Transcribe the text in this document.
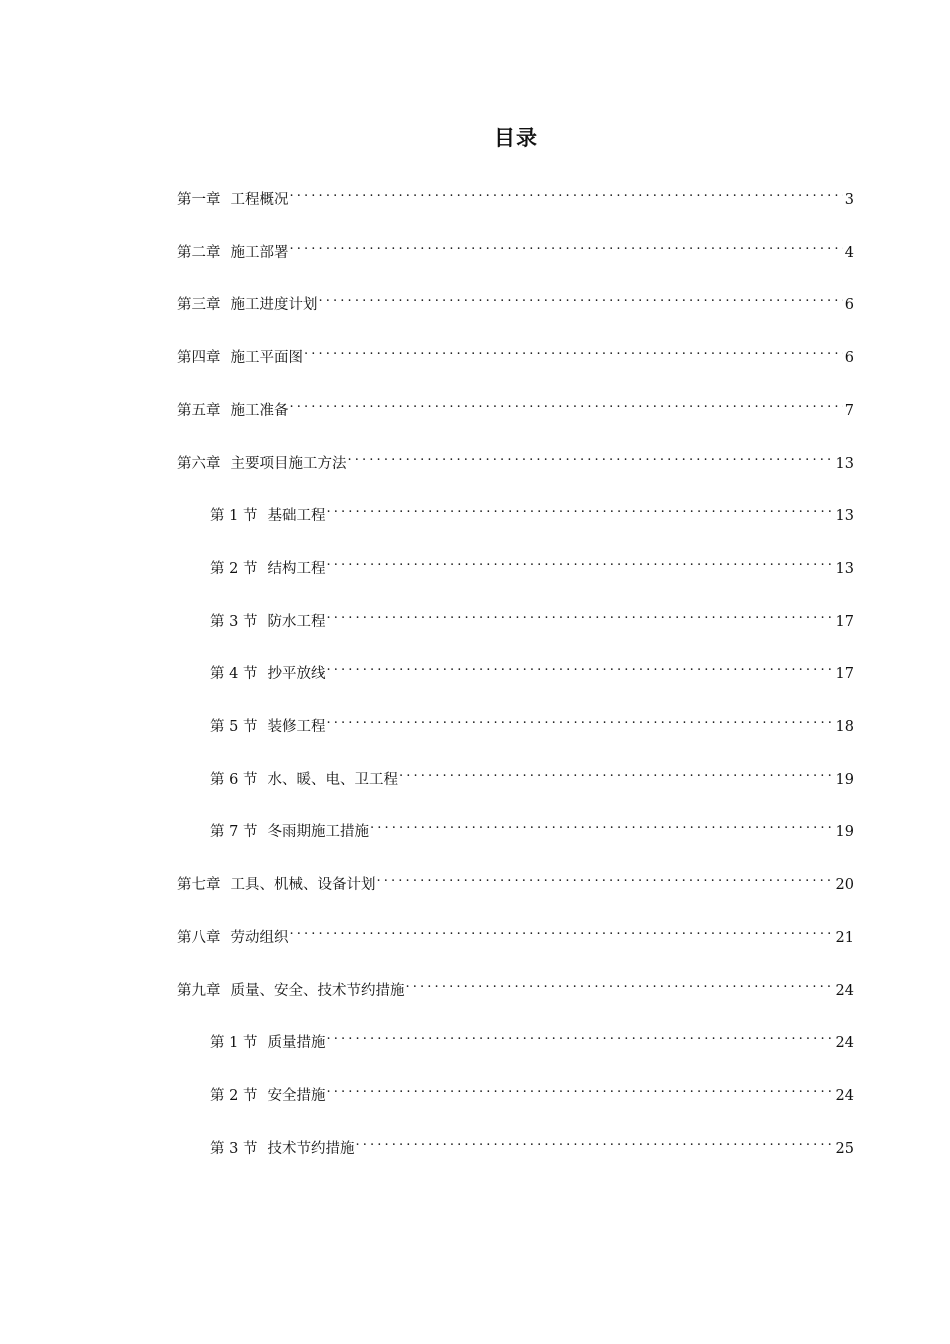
目录
第一章 工程概况 . . .	3
第二章 施工部署 . . .	4
第三章 施工进度计划 . . .	6
第四章 施工平面图 . . .	6
第五章 施工准备 . . .	7
第六章 主要项目施工方法 . . .	13
第 1 节 基础工程 . . .	13
第 2 节 结构工程 . . .	13
第 3 节 防水工程 . . .	17
第 4 节 抄平放线 . . .	17
第 5 节 装修工程 . . .	18
第 6 节 水、暖、电、卫工程 . . .	19
第 7 节 冬雨期施工措施 . . .	19
第七章 工具、机械、设备计划 . . .	20
第八章 劳动组织 . . .	21
第九章 质量、安全、技术节约措施 . . .	24
第 1 节 质量措施 . . .	24
第 2 节 安全措施 . . .	24
第 3 节 技术节约措施 . . .	25
